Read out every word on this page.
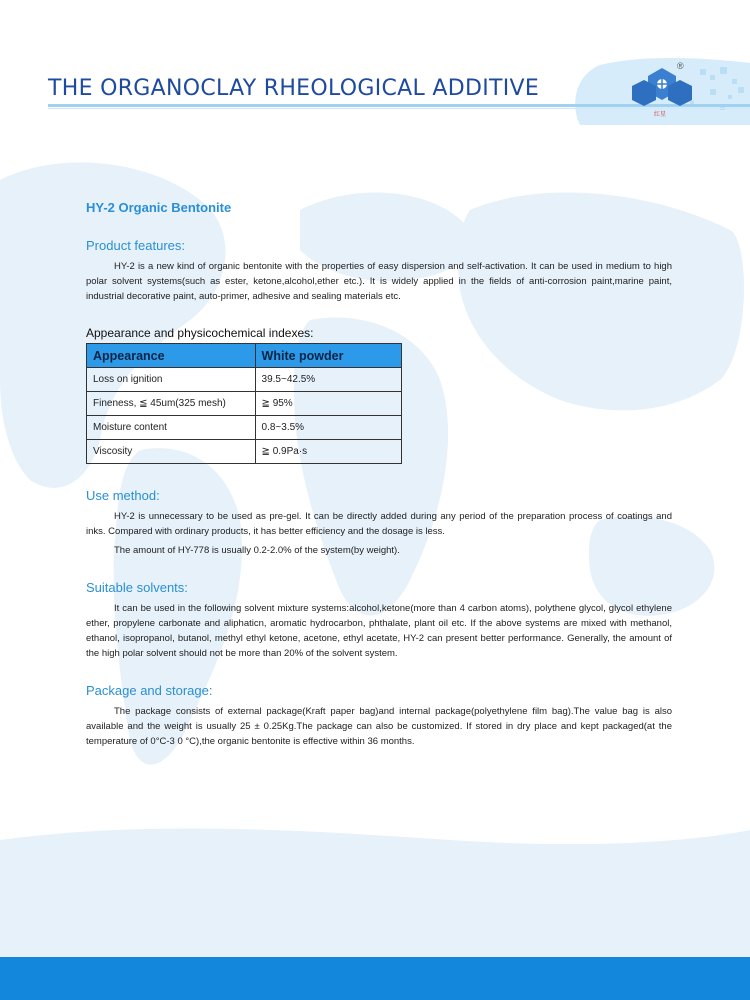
®
红星
THE ORGANOCLAY RHEOLOGICAL ADDITIVE
HY-2 Organic Bentonite
Product features:

HY-2 is a new kind of organic bentonite with the properties of easy dispersion and self-activation. It can be used in medium to high polar solvent systems(such as ester, ketone,alcohol,ether etc.). It is widely applied in the fields of anti-corrosion paint,marine paint, industrial decorative paint, auto-primer, adhesive and sealing materials etc.

Appearance and physicochemical indexes:
Appearance	White powder
Loss on ignition	39.5~42.5%
Fineness, ≦ 45um(325 mesh)	≧ 95%
Moisture content	0.8~3.5%
Viscosity	≧ 0.9Pa·s
Use method:

HY-2 is unnecessary to be used as pre-gel. It can be directly added during any period of the preparation process of coatings and inks. Compared with ordinary products, it has better efficiency and the dosage is less.

The amount of HY-778 is usually 0.2-2.0% of the system(by weight).

Suitable solvents:

It can be used in the following solvent mixture systems:alcohol,ketone(more than 4 carbon atoms), polythene glycol, glycol ethylene ether, propylene carbonate and aliphaticn, aromatic hydrocarbon, phthalate, plant oil etc. If the above systems are mixed with methanol, ethanol, isopropanol, butanol, methyl ethyl ketone, acetone, ethyl acetate, HY-2 can present better performance. Generally, the amount of the high polar solvent should not be more than 20% of the solvent system.

Package and storage:

The package consists of external package(Kraft paper bag)and internal package(polyethylene film bag).The value bag is also available and the weight is usually 25 ± 0.25Kg.The package can also be customized. If stored in dry place and kept packaged(at the temperature of 0°C-3 0 °C),the organic bentonite is effective within 36 months.
